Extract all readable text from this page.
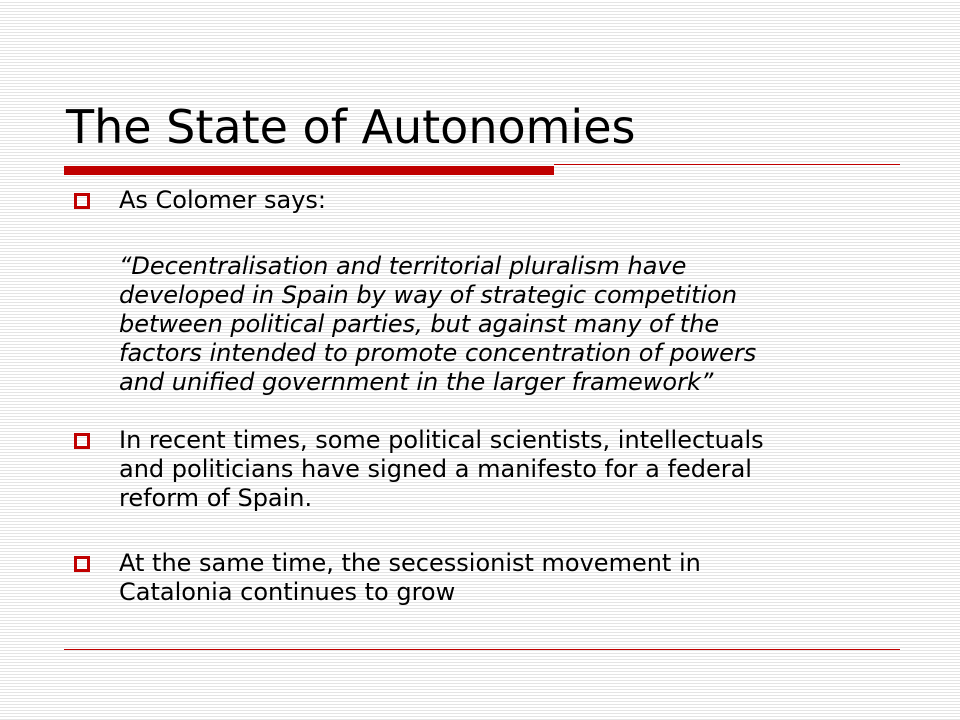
The State of Autonomies
As Colomer says:
“Decentralisation and territorial pluralism have
developed in Spain by way of strategic competition
between political parties, but against many of the
factors intended to promote concentration of powers
and unified government in the larger framework”
In recent times, some political scientists, intellectuals
and politicians have signed a manifesto for a federal
reform of Spain.
At the same time, the secessionist movement in
Catalonia continues to grow
